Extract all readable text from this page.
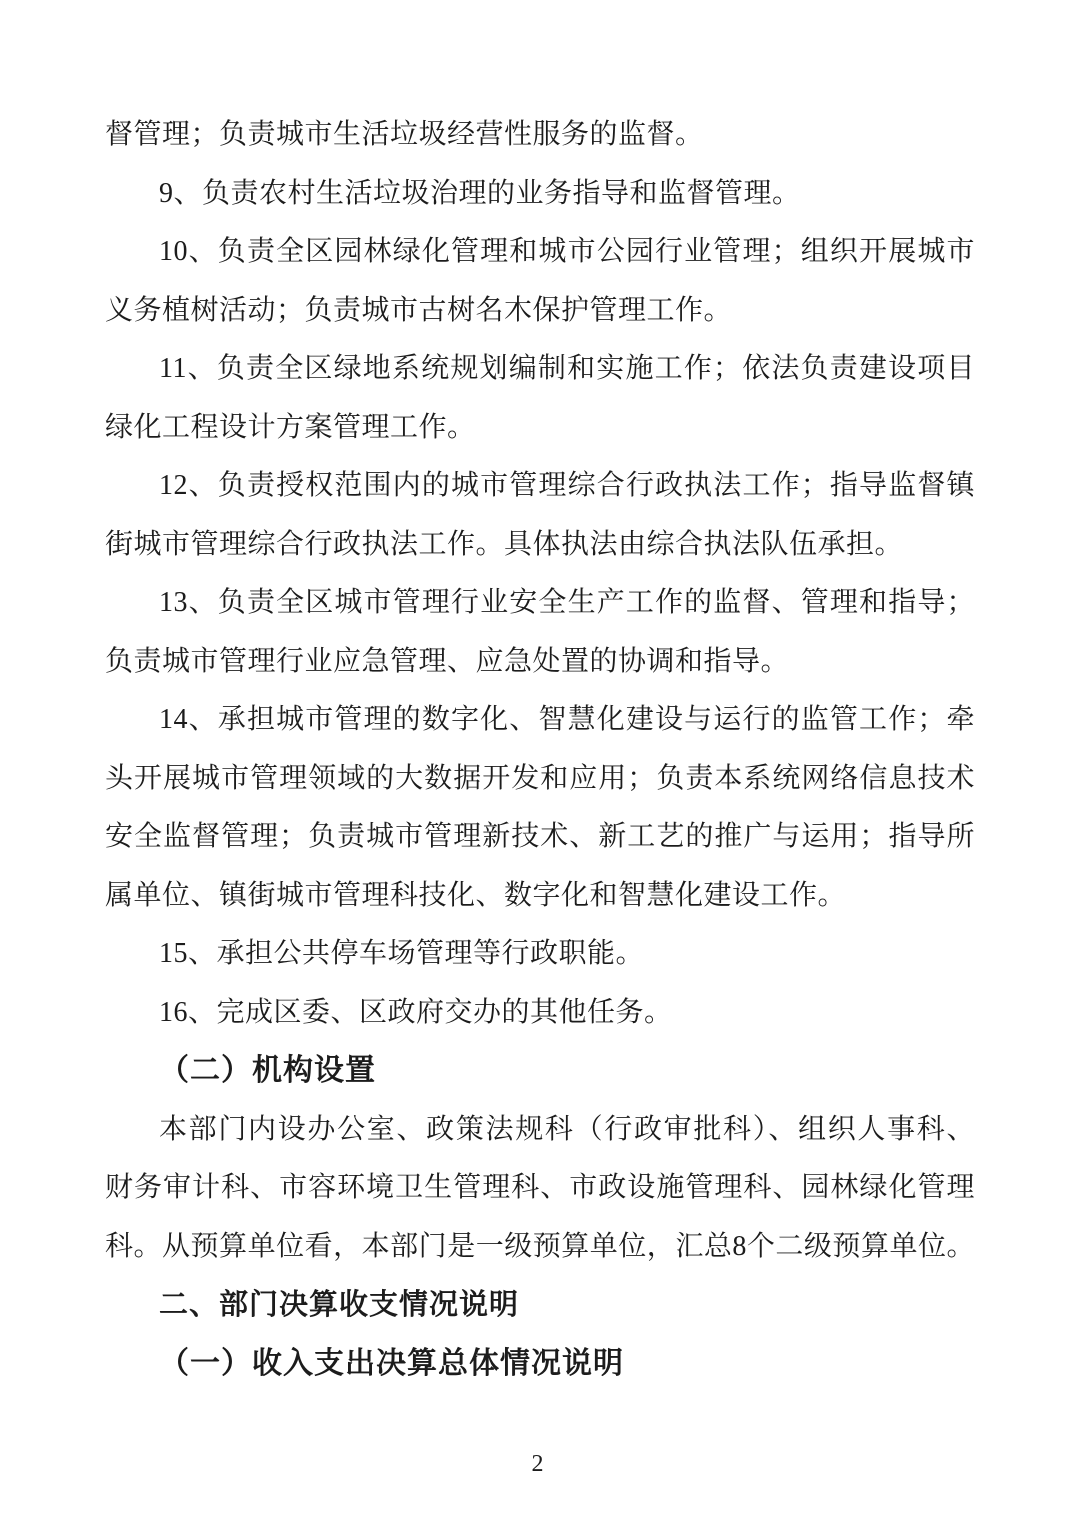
督管理；负责城市生活垃圾经营性服务的监督。
9、负责农村生活垃圾治理的业务指导和监督管理。
10、负责全区园林绿化管理和城市公园行业管理；组织开展城市
义务植树活动；负责城市古树名木保护管理工作。
11、负责全区绿地系统规划编制和实施工作；依法负责建设项目
绿化工程设计方案管理工作。
12、负责授权范围内的城市管理综合行政执法工作；指导监督镇
街城市管理综合行政执法工作。具体执法由综合执法队伍承担。
13、负责全区城市管理行业安全生产工作的监督、管理和指导；
负责城市管理行业应急管理、应急处置的协调和指导。
14、承担城市管理的数字化、智慧化建设与运行的监管工作；牵
头开展城市管理领域的大数据开发和应用；负责本系统网络信息技术
安全监督管理；负责城市管理新技术、新工艺的推广与运用；指导所
属单位、镇街城市管理科技化、数字化和智慧化建设工作。
15、承担公共停车场管理等行政职能。
16、完成区委、区政府交办的其他任务。
（二）机构设置
本部门内设办公室、政策法规科（行政审批科）、组织人事科、
财务审计科、市容环境卫生管理科、市政设施管理科、园林绿化管理
科。从预算单位看，本部门是一级预算单位，汇总8个二级预算单位。
二、部门决算收支情况说明
（一）收入支出决算总体情况说明
2
